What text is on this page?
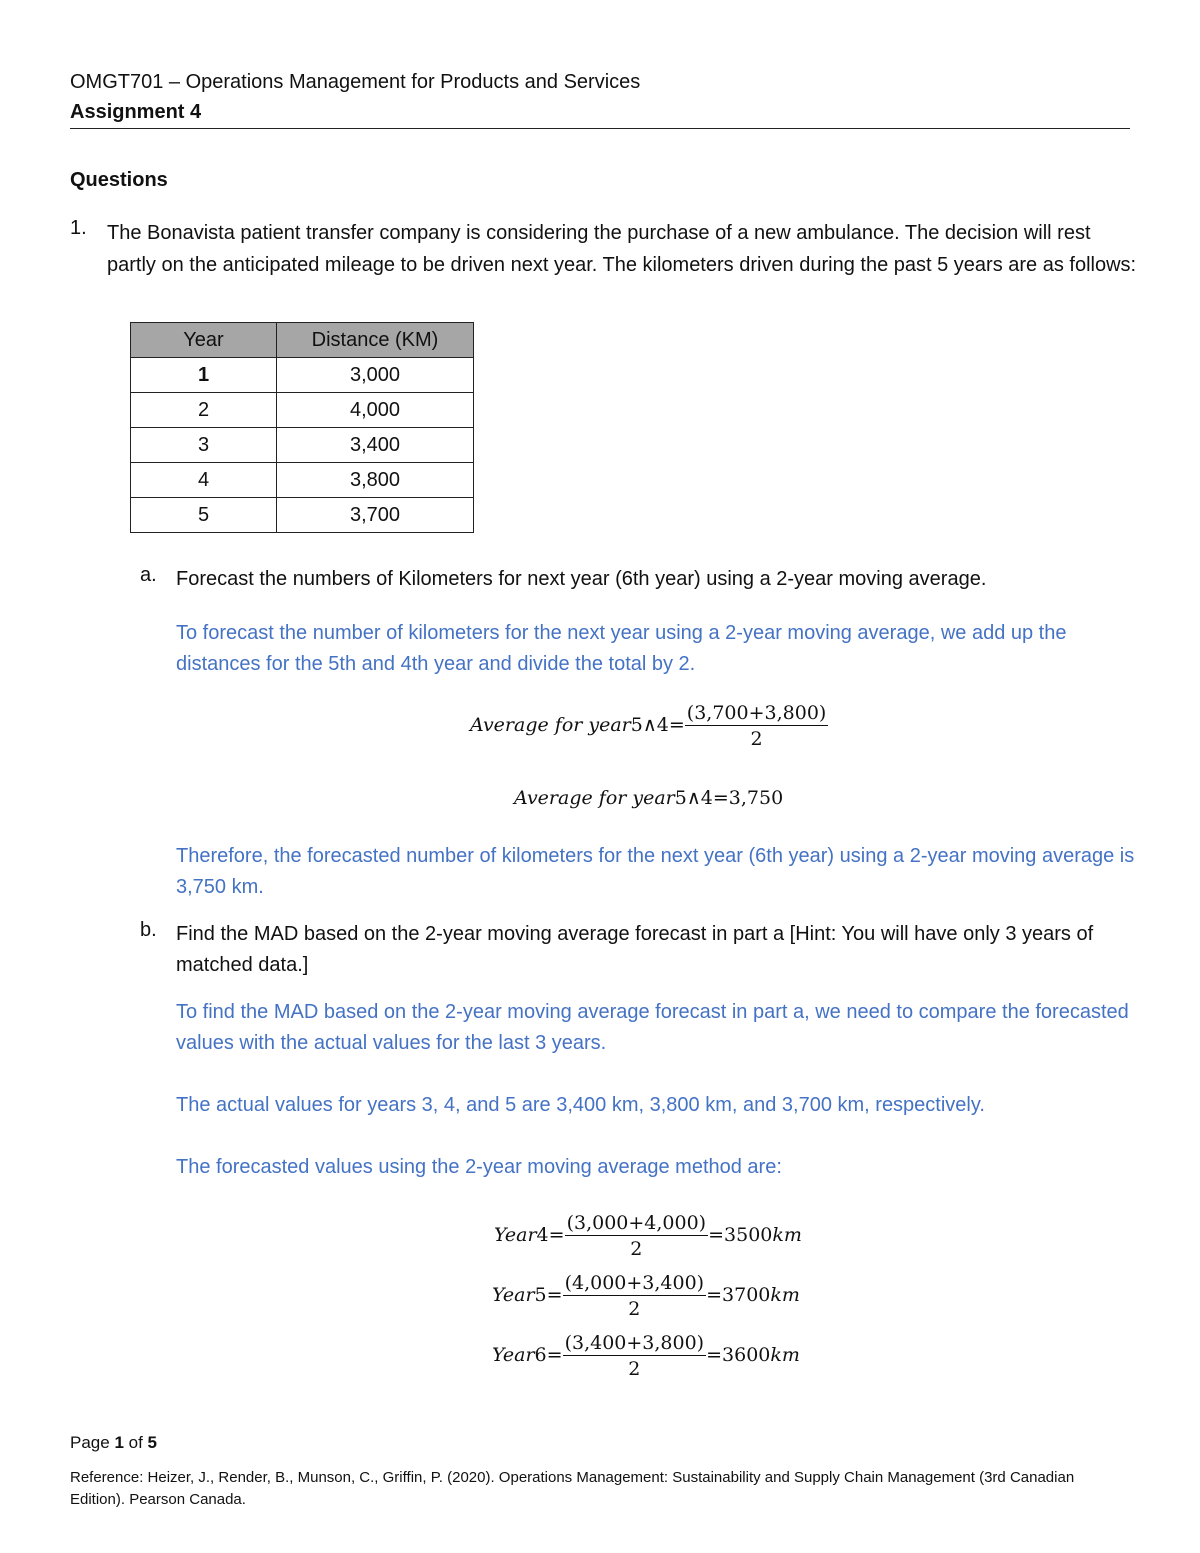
OMGT701 – Operations Management for Products and Services
Assignment 4
Questions
1. The Bonavista patient transfer company is considering the purchase of a new ambulance. The decision will rest partly on the anticipated mileage to be driven next year. The kilometers driven during the past 5 years are as follows:
Year	Distance (KM)
1	3,000
2	4,000
3	3,400
4	3,800
5	3,700
a. Forecast the numbers of Kilometers for next year (6th year) using a 2-year moving average.
To forecast the number of kilometers for the next year using a 2-year moving average, we add up the distances for the 5th and 4th year and divide the total by 2.
Average for year5∧4= $\frac{(3,700+3,800)}{2}$
Average for year5∧4=3,750
Therefore, the forecasted number of kilometers for the next year (6th year) using a 2-year moving average is 3,750 km.
b. Find the MAD based on the 2-year moving average forecast in part a [Hint: You will have only 3 years of matched data.]
To find the MAD based on the 2-year moving average forecast in part a, we need to compare the forecasted values with the actual values for the last 3 years.
The actual values for years 3, 4, and 5 are 3,400 km, 3,800 km, and 3,700 km, respectively.
The forecasted values using the 2-year moving average method are:
Year4= $\frac{(3,000+4,000)}{2} =3500km$
Year5= $\frac{(4,000+3,400)}{2} =3700km$
Year6= $\frac{(3,400+3,800)}{2} =3600km$
Page 1 of 5
Reference: Heizer, J., Render, B., Munson, C., Griffin, P. (2020). Operations Management: Sustainability and Supply Chain Management (3rd Canadian Edition). Pearson Canada.
